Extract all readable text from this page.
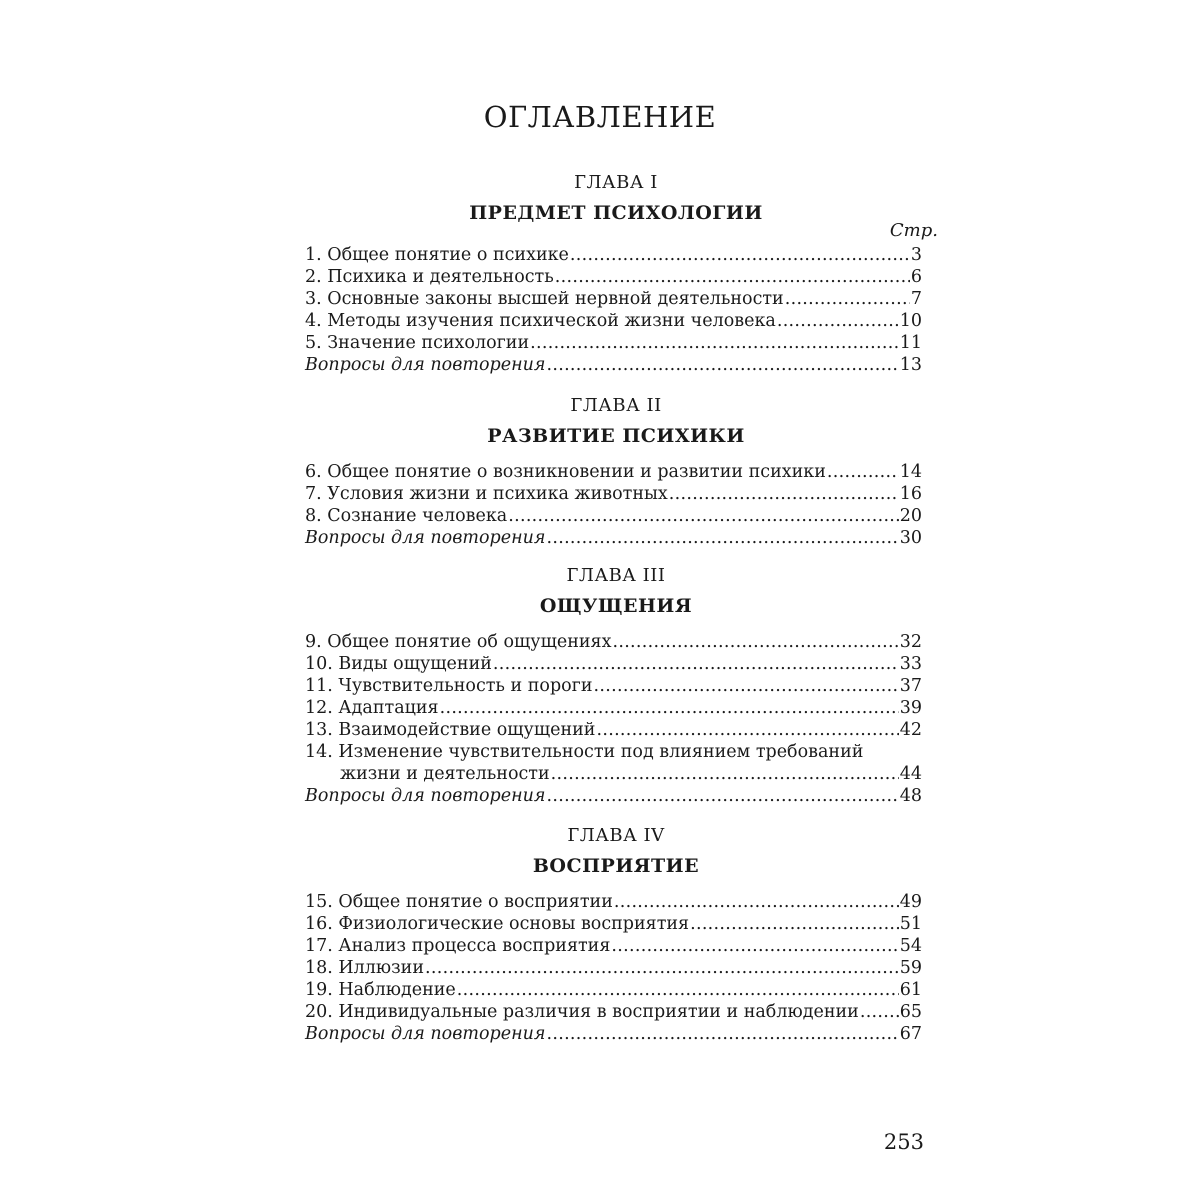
ОГЛАВЛЕНИЕ
ГЛАВА I
ПРЕДМЕТ ПСИХОЛОГИИ
Стр.
1. Общее понятие о психике .....	3
2. Психика и деятельность .....	6
3. Основные законы высшей нервной деятельности .....	7
4. Методы изучения психической жизни человека .....	10
5. Значение психологии .....	11
Вопросы для повторения .....	13
ГЛАВА II
РАЗВИТИЕ ПСИХИКИ
6. Общее понятие о возникновении и развитии психики .....	14
7. Условия жизни и психика животных .....	16
8. Сознание человека .....	20
Вопросы для повторения .....	30
ГЛАВА III
ОЩУЩЕНИЯ
9. Общее понятие об ощущениях .....	32
10. Виды ощущений .....	33
11. Чувствительность и пороги .....	37
12. Адаптация .....	39
13. Взаимодействие ощущений .....	42
14. Изменение чувствительности под влиянием требований
жизни и деятельности .....	44
Вопросы для повторения .....	48
ГЛАВА IV
ВОСПРИЯТИЕ
15. Общее понятие о восприятии .....	49
16. Физиологические основы восприятия .....	51
17. Анализ процесса восприятия .....	54
18. Иллюзии .....	59
19. Наблюдение .....	61
20. Индивидуальные различия в восприятии и наблюдении ..... 65
Вопросы для повторения .....	67
253
